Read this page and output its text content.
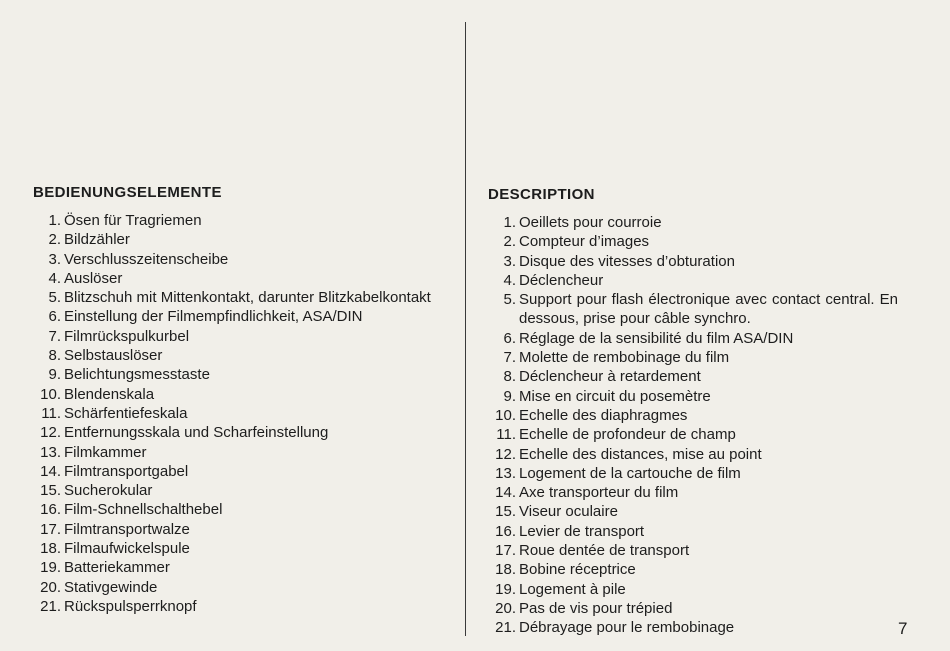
BEDIENUNGSELEMENTE
1. Ösen für Tragriemen
2. Bildzähler
3. Verschlusszeitenscheibe
4. Auslöser
5. Blitzschuh mit Mittenkontakt, darunter Blitzkabelkontakt
6. Einstellung der Filmempfindlichkeit, ASA/DIN
7. Filmrückspulkurbel
8. Selbstauslöser
9. Belichtungsmesstaste
10. Blendenskala
11. Schärfentiefeskala
12. Entfernungsskala und Scharfeinstellung
13. Filmkammer
14. Filmtransportgabel
15. Sucherokular
16. Film-Schnellschalthebel
17. Filmtransportwalze
18. Filmaufwickelspule
19. Batteriekammer
20. Stativgewinde
21. Rückspulsperrknopf
DESCRIPTION
1. Oeillets pour courroie
2. Compteur d’images
3. Disque des vitesses d’obturation
4. Déclencheur
5. Support pour flash électronique avec contact central. En dessous, prise pour câble synchro.
6. Réglage de la sensibilité du film ASA/DIN
7. Molette de rembobinage du film
8. Déclencheur à retardement
9. Mise en circuit du posemètre
10. Echelle des diaphragmes
11. Echelle de profondeur de champ
12. Echelle des distances, mise au point
13. Logement de la cartouche de film
14. Axe transporteur du film
15. Viseur oculaire
16. Levier de transport
17. Roue dentée de transport
18. Bobine réceptrice
19. Logement à pile
20. Pas de vis pour trépied
21. Débrayage pour le rembobinage	7
